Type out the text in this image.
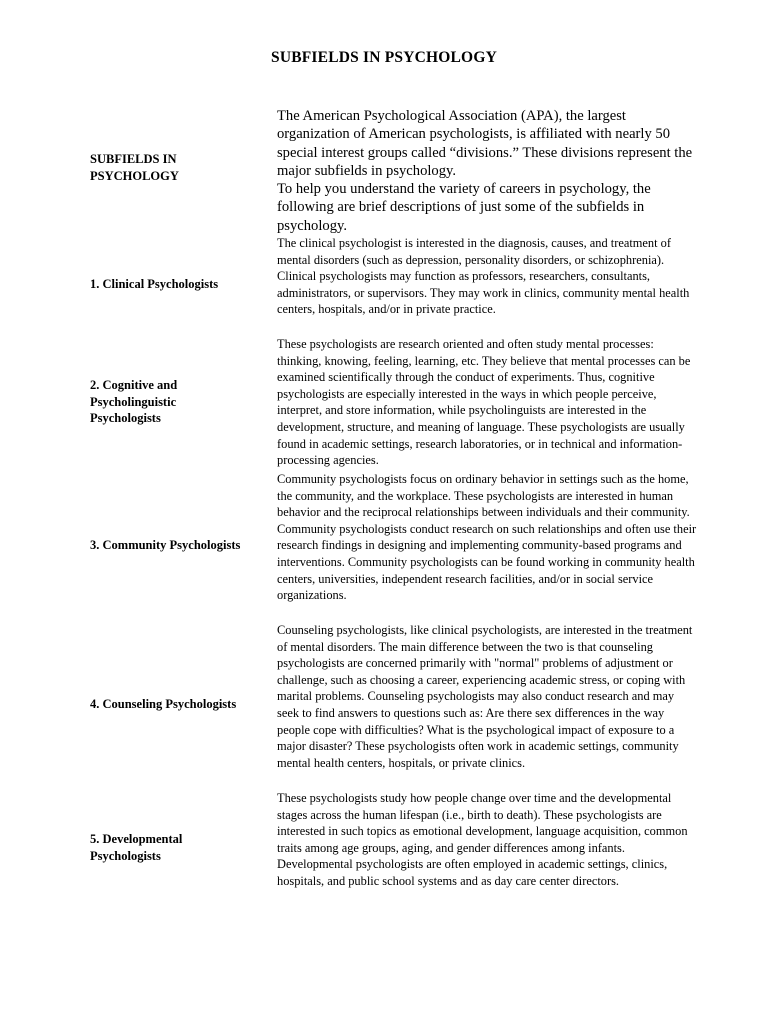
SUBFIELDS IN PSYCHOLOGY
SUBFIELDS IN
PSYCHOLOGY

The American Psychological Association (APA), the largest organization of American psychologists, is affiliated with nearly 50 special interest groups called “divisions.” These divisions represent the major subfields in psychology.

To help you understand the variety of careers in psychology, the following are brief descriptions of just some of the subfields in psychology.

1. Clinical Psychologists
The clinical psychologist is interested in the diagnosis, causes, and treatment of mental disorders (such as depression, personality disorders, or schizophrenia). Clinical psychologists may function as professors, researchers, consultants, administrators, or supervisors. They may work in clinics, community mental health centers, hospitals, and/or in private practice.
2. Cognitive and
Psycholinguistic
Psychologists
These psychologists are research oriented and often study mental processes: thinking, knowing, feeling, learning, etc. They believe that mental processes can be examined scientifically through the conduct of experiments. Thus, cognitive psychologists are especially interested in the ways in which people perceive, interpret, and store information, while psycholinguists are interested in the development, structure, and meaning of language. These psychologists are usually found in academic settings, research laboratories, or in technical and information-processing agencies.
3. Community Psychologists
Community psychologists focus on ordinary behavior in settings such as the home, the community, and the workplace. These psychologists are interested in human behavior and the reciprocal relationships between individuals and their community. Community psychologists conduct research on such relationships and often use their research findings in designing and implementing community-based programs and interventions. Community psychologists can be found working in community health centers, universities, independent research facilities, and/or in social service organizations.
4. Counseling Psychologists
Counseling psychologists, like clinical psychologists, are interested in the treatment of mental disorders. The main difference between the two is that counseling psychologists are concerned primarily with "normal" problems of adjustment or challenge, such as choosing a career, experiencing academic stress, or coping with marital problems. Counseling psychologists may also conduct research and may seek to find answers to questions such as: Are there sex differences in the way people cope with difficulties? What is the psychological impact of exposure to a major disaster? These psychologists often work in academic settings, community mental health centers, hospitals, or private clinics.
5. Developmental
Psychologists
These psychologists study how people change over time and the developmental stages across the human lifespan (i.e., birth to death). These psychologists are interested in such topics as emotional development, language acquisition, common traits among age groups, aging, and gender differences among infants. Developmental psychologists are often employed in academic settings, clinics, hospitals, and public school systems and as day care center directors.
